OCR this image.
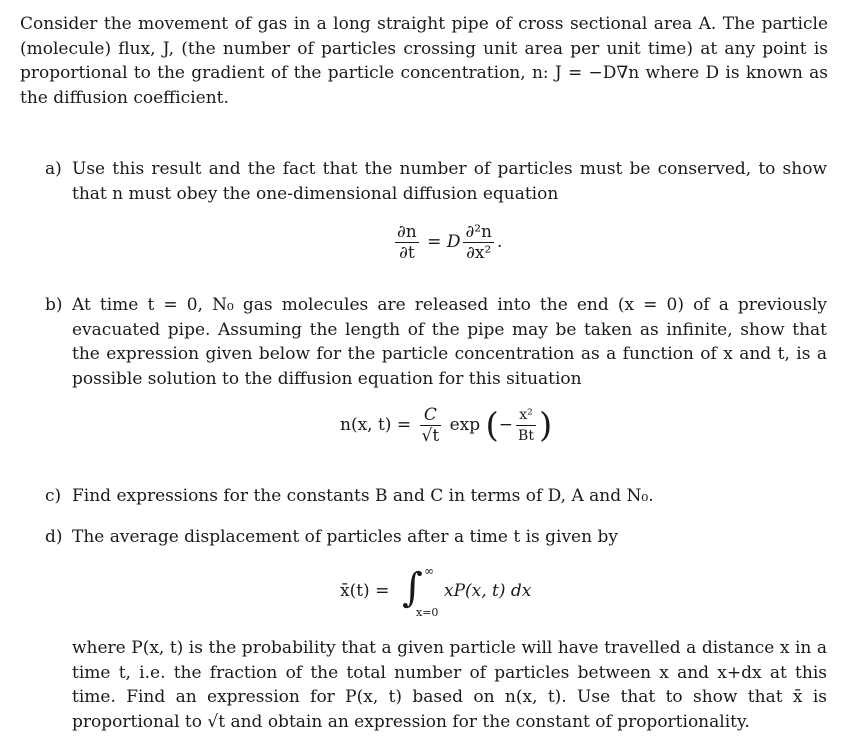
Consider the movement of gas in a long straight pipe of cross sectional area A. The particle (molecule) flux, J, (the number of particles crossing unit area per unit time) at any point is proportional to the gradient of the particle concentration, n: J = −D∇n where D is known as the diffusion coefficient.
a) Use this result and the fact that the number of particles must be conserved, to show that n must obey the one-dimensional diffusion equation
$\frac{\partial n}{\partial t} = D \frac{\text{∂²n}}{\text{∂x²}}$ .
b) At time t = 0, N₀ gas molecules are released into the end (x = 0) of a previously evacuated pipe. Assuming the length of the pipe may be taken as infinite, show that the expression given below for the particle concentration as a function of x and t, is a possible solution to the diffusion equation for this situation
n(x, $t) = \frac{C}{√t}$ exp (− $\frac{\text{x²}}{Bt}$ )
c) Find expressions for the constants B and C in terms of D, A and N₀.
d) The average displacement of particles after a time t is given by
x̄(t) = ∫ ∞
x=0
xP(x, t) dx
where P(x, t) is the probability that a given particle will have travelled a distance x in a time t, i.e. the fraction of the total number of particles between x and x+dx at this time. Find an expression for P(x, t) based on n(x, t). Use that to show that x̄ is proportional to √t and obtain an expression for the constant of proportionality.
